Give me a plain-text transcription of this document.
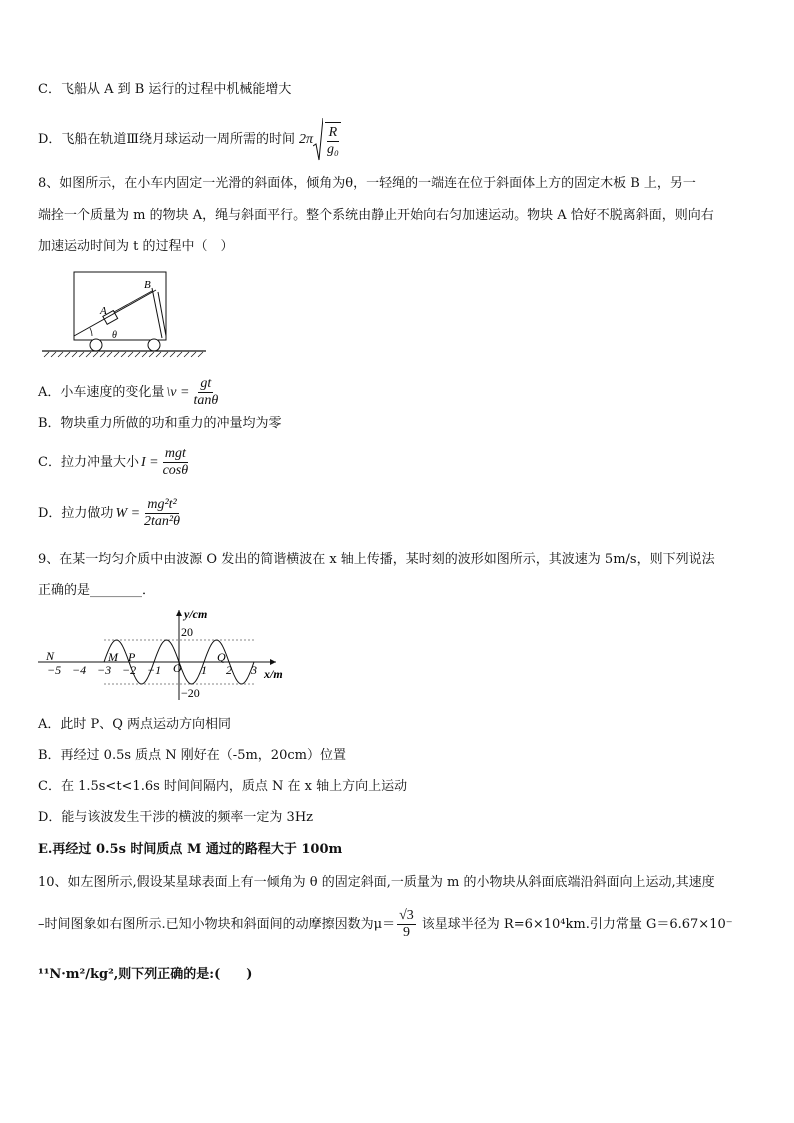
C．飞船从 A 到 B 运行的过程中机械能增大
D．飞船在轨道Ⅲ绕月球运动一周所需的时间 $2\pi \frac{R}{\text{g₀}}$
8、如图所示，在小车内固定一光滑的斜面体，倾角为θ，一轻绳的一端连在位于斜面体上方的固定木板 B 上，另一
端拴一个质量为 m 的物块 A，绳与斜面平行。整个系统由静止开始向右匀加速运动。物块 A 恰好不脱离斜面，则向右
加速运动时间为 t 的过程中（　）
A
B
θ
A．小车速度的变化量 \v = $\frac{gt}{\tan\theta}$
B．物块重力所做的功和重力的冲量均为零
C．拉力冲量大小 $I = \frac{\text{mgt}}{\cos\theta}$
D．拉力做功 $W = \frac{\text{mg²t²}}{\text{2tan²θ}}$
9、在某一均匀介质中由波源 O 发出的简谐横波在 x 轴上传播，某时刻的波形如图所示，其波速为 5m/s，则下列说法
正确的是________．
−5 −4 −3 −2 −1	1 2 3
y/cm
x/m
20
−20
O
N	M P	Q
A．此时 P、Q 两点运动方向相同
B．再经过 0.5s 质点 N 刚好在（-5m，20cm）位置
C．在 1.5s<t<1.6s 时间间隔内，质点 N 在 x 轴上方向上运动
D．能与该波发生干涉的横波的频率一定为 3Hz
E.再经过 0.5s 时间质点 M 通过的路程大于 100m
10、如左图所示,假设某星球表面上有一倾角为 θ 的固定斜面,一质量为 m 的小物块从斜面底端沿斜面向上运动,其速度
–时间图象如右图所示.已知小物块和斜面间的动摩擦因数为$\mu= \frac{√3}{9}$ 该星球半径为 R=6×10⁴km.引力常量 G＝6.67×10⁻
¹¹N·m²/kg²,则下列正确的是:(　　)
